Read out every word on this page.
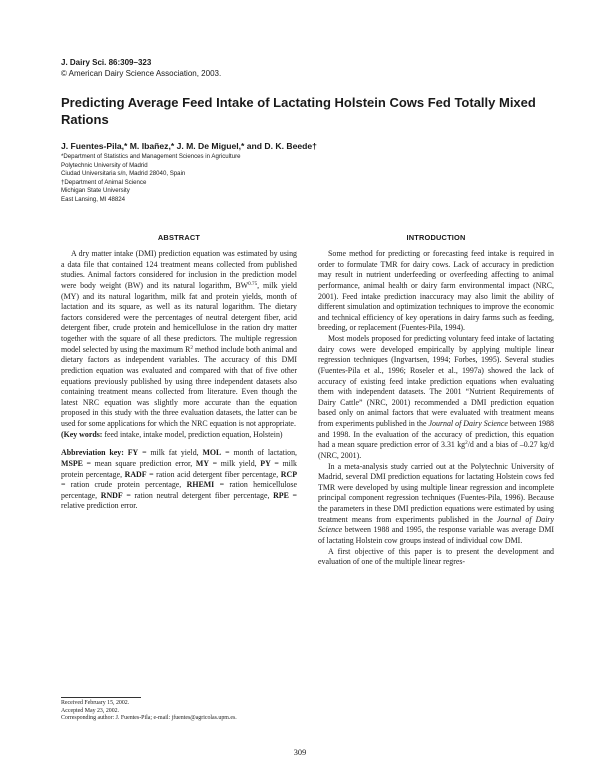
J. Dairy Sci. 86:309–323
© American Dairy Science Association, 2003.
Predicting Average Feed Intake of Lactating Holstein Cows Fed Totally Mixed Rations
J. Fuentes-Pila,* M. Ibañez,* J. M. De Miguel,* and D. K. Beede†
*Department of Statistics and Management Sciences in Agriculture
Polytechnic University of Madrid
Ciudad Universitaria s/n, Madrid 28040, Spain
†Department of Animal Science
Michigan State University
East Lansing, MI 48824
ABSTRACT	INTRODUCTION

A dry matter intake (DMI) prediction equation was estimated by using a data file that contained 124 treatment means collected from published studies. Animal factors considered for inclusion in the prediction model were body weight (BW) and its natural logarithm, $BW^{0.75}$, milk yield (MY) and its natural logarithm, milk fat and protein yields, month of lactation and its square, as well as its natural logarithm. The dietary factors considered were the percentages of neutral detergent fiber, acid detergent fiber, crude protein and hemicellulose in the ration dry matter together with the square of all these predictors. The multiple regression model selected by using the maximum $R^2$ method include both animal and dietary factors as independent variables. The accuracy of this DMI prediction equation was evaluated and compared with that of five other equations previously published by using three independent datasets also containing treatment means collected from literature. Even though the latest NRC equation was slightly more accurate than the equation proposed in this study with the three evaluation datasets, the latter can be used for some applications for which the NRC equation is not appropriate.

(Key words: feed intake, intake model, prediction equation, Holstein)

Abbreviation key: FY = milk fat yield, MOL = month of lactation, MSPE = mean square prediction error, MY = milk yield, PY = milk protein percentage, RADF = ration acid detergent fiber percentage, RCP = ration crude protein percentage, RHEMI = ration hemicellulose percentage, RNDF = ration neutral detergent fiber percentage, RPE = relative prediction error.

Received February 15, 2002.
Accepted May 23, 2002.
Corresponding author: J. Fuentes-Pila; e-mail: jfuentes@agricolas.upm.es.

Some method for predicting or forecasting feed intake is required in order to formulate TMR for dairy cows. Lack of accuracy in prediction may result in nutrient underfeeding or overfeeding affecting to animal performance, animal health or dairy farm environmental impact (NRC, 2001). Feed intake prediction inaccuracy may also limit the ability of different simulation and optimization techniques to improve the economic and technical efficiency of key operations in dairy farms such as feeding, breeding, or replacement (Fuentes-Pila, 1994).

Most models proposed for predicting voluntary feed intake of lactating dairy cows were developed empirically by applying multiple linear regression techniques (Ingvartsen, 1994; Forbes, 1995). Several studies (Fuentes-Pila et al., 1996; Roseler et al., 1997a) showed the lack of accuracy of existing feed intake prediction equations when evaluating them with independent datasets. The 2001 “Nutrient Requirements of Dairy Cattle” (NRC, 2001) recommended a DMI prediction equation based only on animal factors that were evaluated with treatment means from experiments published in the Journal of Dairy Science between 1988 and 1998. In the evaluation of the accuracy of prediction, this equation had a mean square prediction error of 3.31 $kg^2/d$ and a bias of –0.27 kg/d (NRC, 2001).

In a meta-analysis study carried out at the Polytechnic University of Madrid, several DMI prediction equations for lactating Holstein cows fed TMR were developed by using multiple linear regression and incomplete principal component regression techniques (Fuentes-Pila, 1996). Because the parameters in these DMI prediction equations were estimated by using treatment means from experiments published in the Journal of Dairy Science between 1988 and 1995, the response variable was average DMI of lactating Holstein cow groups instead of individual cow DMI.

A first objective of this paper is to present the development and evaluation of one of the multiple linear regres-

309
